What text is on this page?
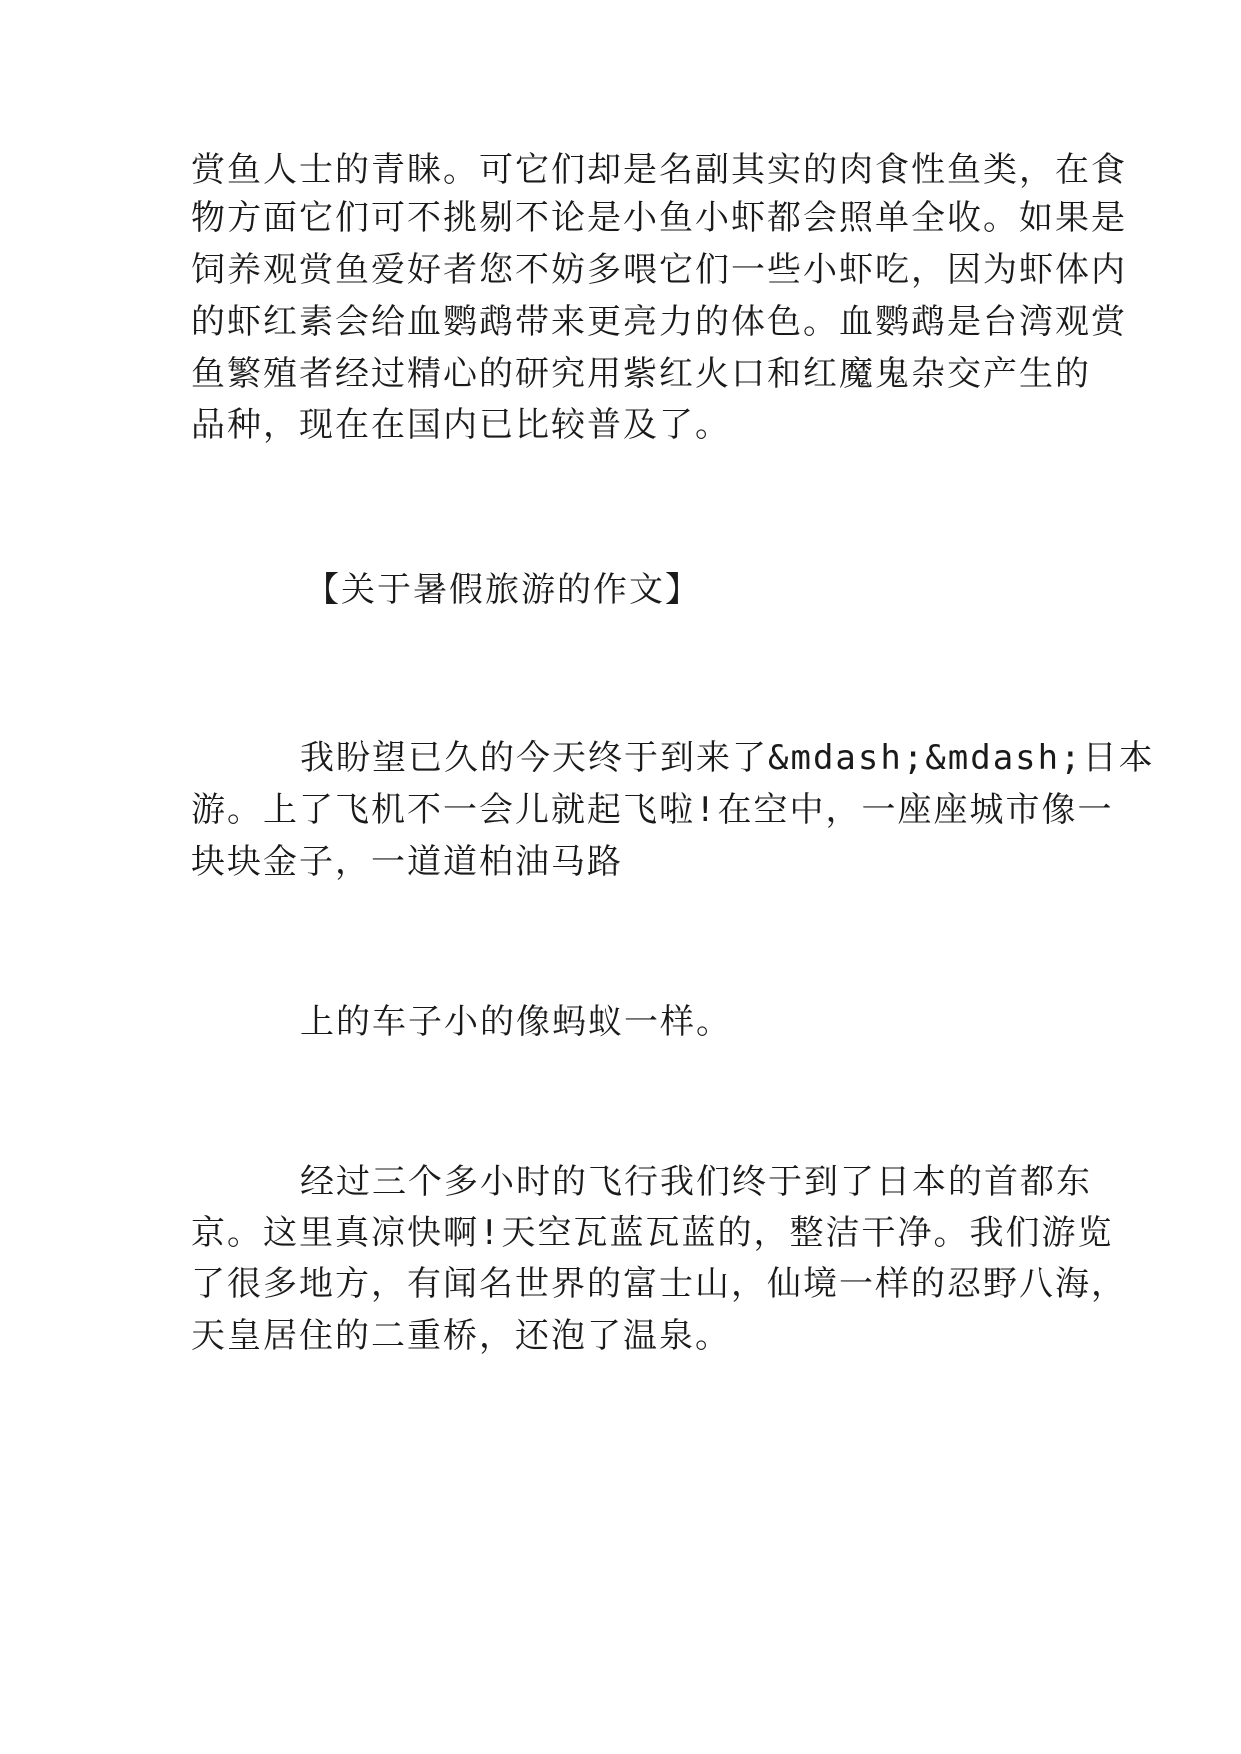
赏鱼人士的青睐。可它们却是名副其实的肉食性鱼类，在食
物方面它们可不挑剔不论是小鱼小虾都会照单全收。如果是
饲养观赏鱼爱好者您不妨多喂它们一些小虾吃，因为虾体内
的虾红素会给血鹦鹉带来更亮力的体色。血鹦鹉是台湾观赏
鱼繁殖者经过精心的研究用紫红火口和红魔鬼杂交产生的
品种，现在在国内已比较普及了。
【关于暑假旅游的作文】
我盼望已久的今天终于到来了&mdash;&mdash;日本
游。上了飞机不一会儿就起飞啦!在空中，一座座城市像一
块块金子，一道道柏油马路
上的车子小的像蚂蚁一样。
经过三个多小时的飞行我们终于到了日本的首都东
京。这里真凉快啊!天空瓦蓝瓦蓝的，整洁干净。我们游览
了很多地方，有闻名世界的富士山，仙境一样的忍野八海，
天皇居住的二重桥，还泡了温泉。
